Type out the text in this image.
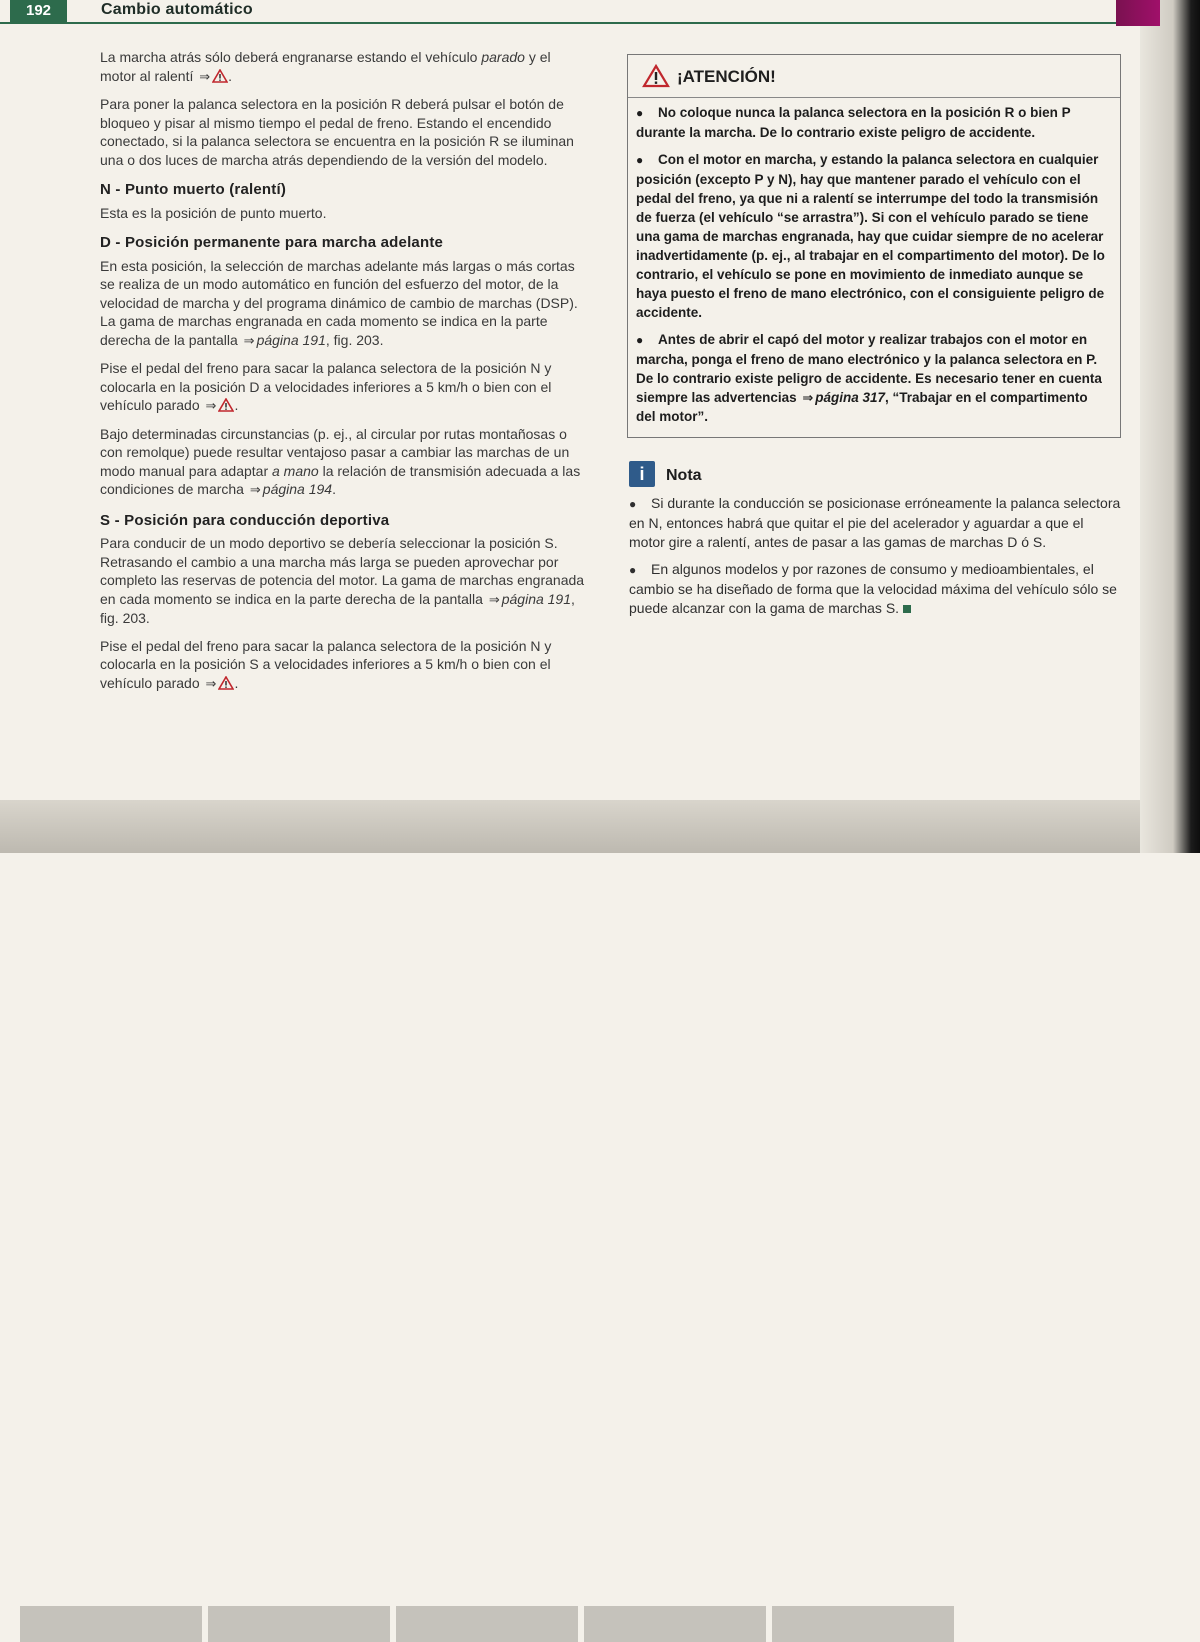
192	Cambio automático

La marcha atrás sólo deberá engranarse estando el vehículo parado y el motor al ralentí ⇒ .

Para poner la palanca selectora en la posición R deberá pulsar el botón de bloqueo y pisar al mismo tiempo el pedal de freno. Estando el encendido conectado, si la palanca selectora se encuentra en la posición R se iluminan una o dos luces de marcha atrás dependiendo de la versión del modelo.

N - Punto muerto (ralentí)

Esta es la posición de punto muerto.

D - Posición permanente para marcha adelante

En esta posición, la selección de marchas adelante más largas o más cortas se realiza de un modo automático en función del esfuerzo del motor, de la velocidad de marcha y del programa dinámico de cambio de marchas (DSP). La gama de marchas engranada en cada momento se indica en la parte derecha de la pantalla ⇒ página 191, fig. 203.

Pise el pedal del freno para sacar la palanca selectora de la posición N y colocarla en la posición D a velocidades inferiores a 5 km/h o bien con el vehículo parado ⇒ .

Bajo determinadas circunstancias (p. ej., al circular por rutas montañosas o con remolque) puede resultar ventajoso pasar a cambiar las marchas de un modo manual para adaptar a mano la relación de transmisión adecuada a las condiciones de marcha ⇒ página 194.

S - Posición para conducción deportiva

Para conducir de un modo deportivo se debería seleccionar la posición S. Retrasando el cambio a una marcha más larga se pueden aprovechar por completo las reservas de potencia del motor. La gama de marchas engranada en cada momento se indica en la parte derecha de la pantalla ⇒ página 191, fig. 203.

Pise el pedal del freno para sacar la palanca selectora de la posición N y colocarla en la posición S a velocidades inferiores a 5 km/h o bien con el vehículo parado ⇒ .

¡ATENCIÓN!

● No coloque nunca la palanca selectora en la posición R o bien P durante la marcha. De lo contrario existe peligro de accidente.

● Con el motor en marcha, y estando la palanca selectora en cualquier posición (excepto P y N), hay que mantener parado el vehículo con el pedal del freno, ya que ni a ralentí se interrumpe del todo la transmisión de fuerza (el vehículo “se arrastra”). Si con el vehículo parado se tiene una gama de marchas engranada, hay que cuidar siempre de no acelerar inadvertidamente (p. ej., al trabajar en el compartimento del motor). De lo contrario, el vehículo se pone en movimiento de inmediato aunque se haya puesto el freno de mano electrónico, con el consiguiente peligro de accidente.

● Antes de abrir el capó del motor y realizar trabajos con el motor en marcha, ponga el freno de mano electrónico y la palanca selectora en P. De lo contrario existe peligro de accidente. Es necesario tener en cuenta siempre las advertencias ⇒ página 317, “Trabajar en el compartimento del motor”.

i	Nota

● Si durante la conducción se posicionase erróneamente la palanca selectora en N, entonces habrá que quitar el pie del acelerador y aguardar a que el motor gire a ralentí, antes de pasar a las gamas de marchas D ó S.

● En algunos modelos y por razones de consumo y medioambientales, el cambio se ha diseñado de forma que la velocidad máxima del vehículo sólo se puede alcanzar con la gama de marchas S.
